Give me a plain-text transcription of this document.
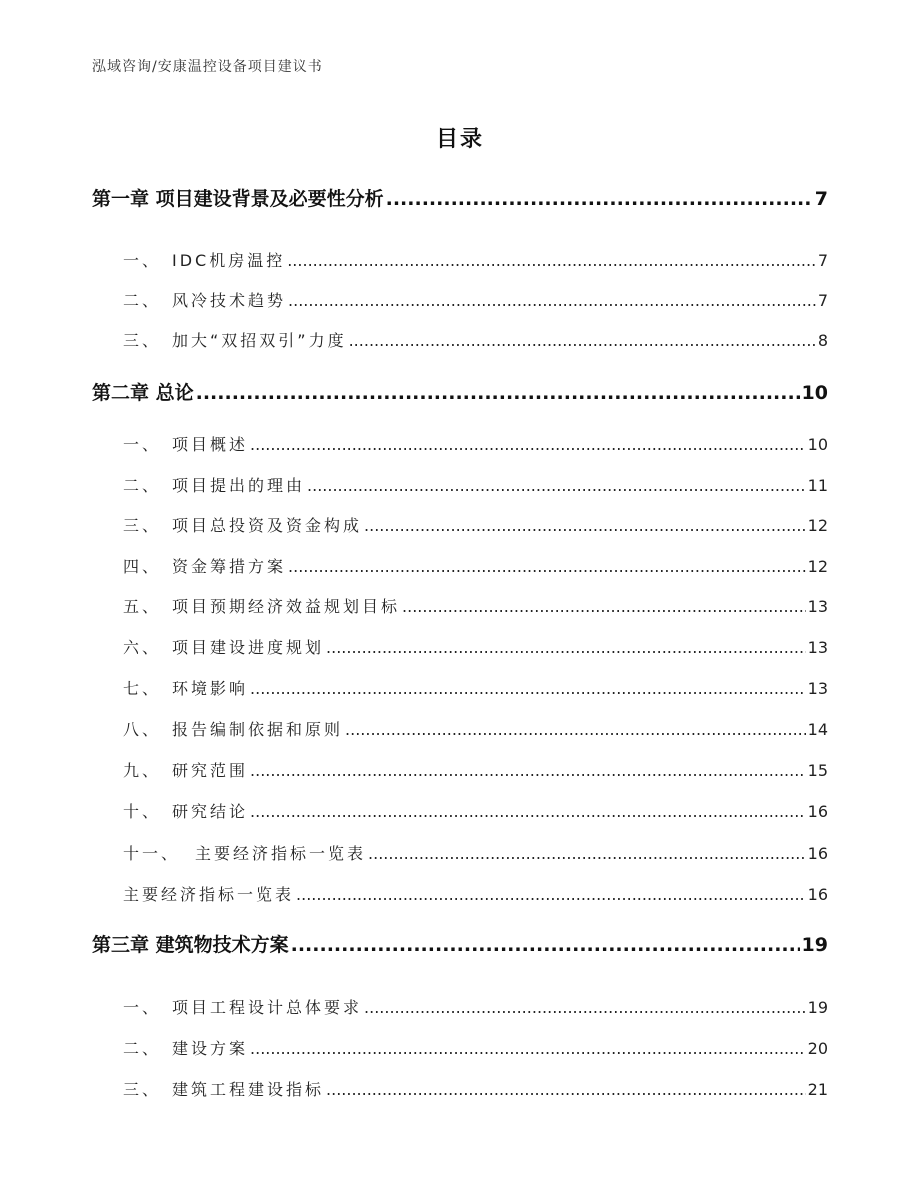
泓域咨询/安康温控设备项目建议书
目录
第一章 项目建设背景及必要性分析 .....	7
一、 IDC机房温控 .....	7
二、 风冷技术趋势 .....	7
三、 加大“双招双引”力度 .....	8
第二章 总论 .....	10
一、 项目概述 .....	10
二、 项目提出的理由 .....	11
三、 项目总投资及资金构成 .....	12
四、 资金筹措方案 .....	12
五、 项目预期经济效益规划目标 .....	13
六、 项目建设进度规划 .....	13
七、 环境影响 .....	13
八、 报告编制依据和原则 .....	14
九、 研究范围 .....	15
十、 研究结论 .....	16
十一、 主要经济指标一览表 .....	16
主要经济指标一览表 .....	16
第三章 建筑物技术方案 .....	19
一、 项目工程设计总体要求 .....	19
二、 建设方案 .....	20
三、 建筑工程建设指标 .....	21
